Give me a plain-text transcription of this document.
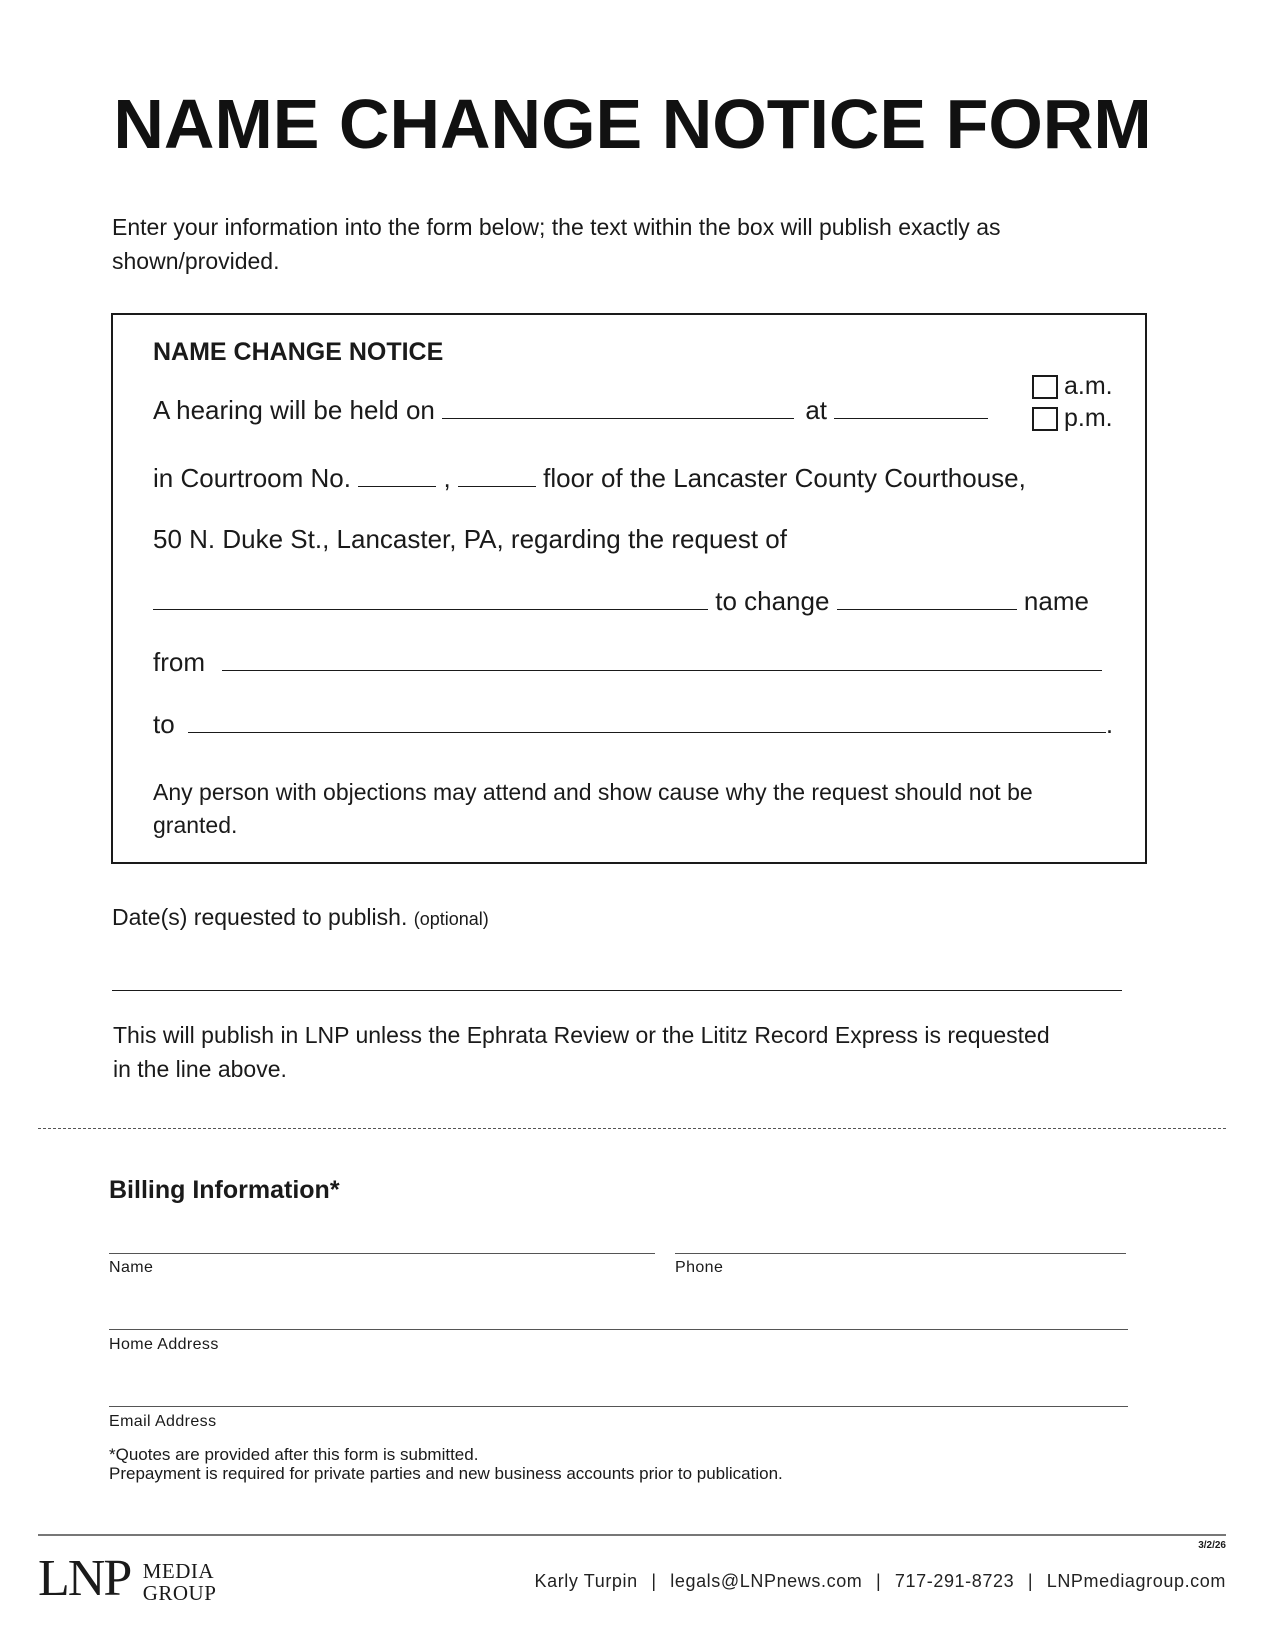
NAME CHANGE NOTICE FORM
Enter your information into the form below; the text within the box will publish exactly as shown/provided.
NAME CHANGE NOTICE
A hearing will be held on	at
a.m.
p.m.
in Courtroom No.	,	floor of the Lancaster County Courthouse,
50 N. Duke St., Lancaster, PA, regarding the request of
to change	name
from
to	.
Any person with objections may attend and show cause why the request should not be granted.
Date(s) requested to publish. (optional)
This will publish in LNP unless the Ephrata Review or the Lititz Record Express is requested in the line above.
Billing Information*
Name	Phone
Home Address
Email Address
*Quotes are provided after this form is submitted.
Prepayment is required for private parties and new business accounts prior to publication.
3/2/26
LNP MEDIA
GROUP	Karly Turpin | legals@LNPnews.com | 717-291-8723 | LNPmediagroup.com
